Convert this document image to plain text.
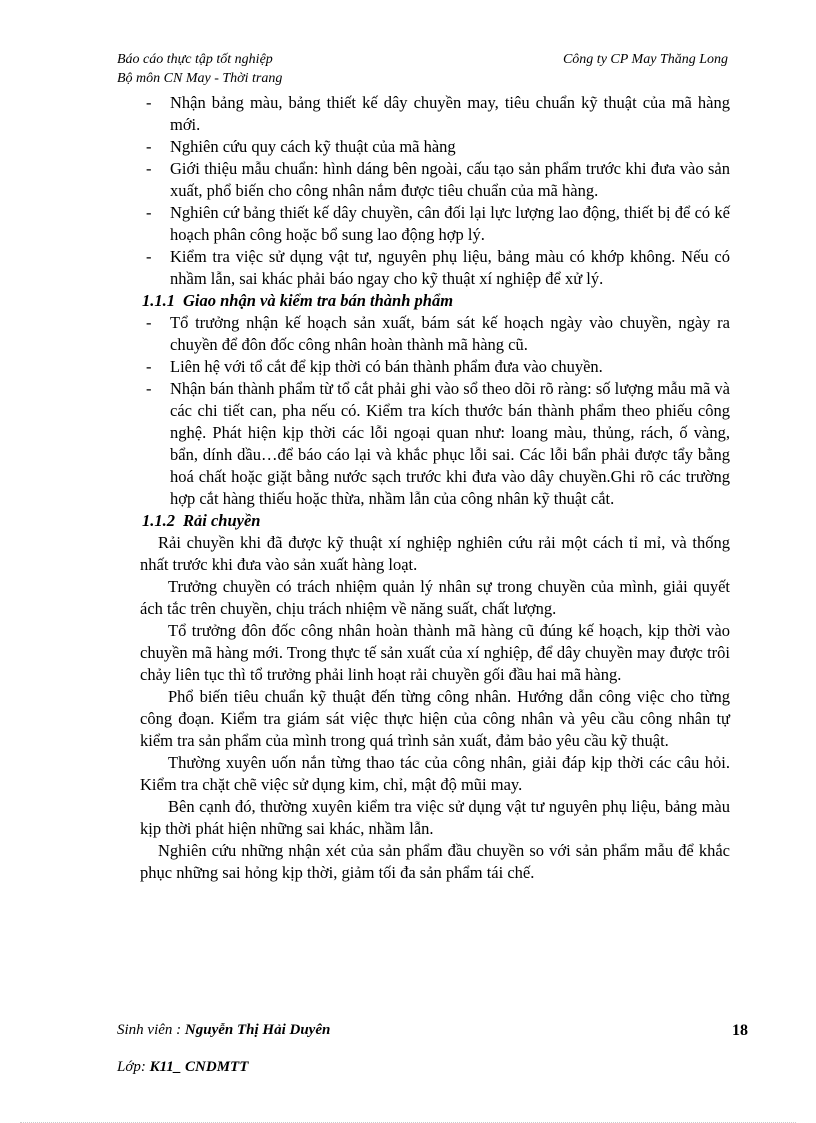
Báo cáo thực tập tốt nghiệp
Bộ môn CN May - Thời trang
Công ty CP May Thăng Long
- Nhận bảng màu, bảng thiết kế dây chuyền may, tiêu chuẩn kỹ thuật của mã hàng mới.
- Nghiên cứu quy cách kỹ thuật của mã hàng
- Giới thiệu mẫu chuẩn: hình dáng bên ngoài, cấu tạo sản phẩm trước khi đưa vào sản xuất, phổ biến cho công nhân nắm được tiêu chuẩn của mã hàng.
- Nghiên cứ bảng thiết kế dây chuyền, cân đối lại lực lượng lao động, thiết bị để có kế hoạch phân công hoặc bổ sung lao động hợp lý.
- Kiểm tra việc sử dụng vật tư, nguyên phụ liệu, bảng màu có khớp không. Nếu có nhầm lẫn, sai khác phải báo ngay cho kỹ thuật xí nghiệp để xử lý.
1.1.1 Giao nhận và kiểm tra bán thành phẩm
- Tổ trưởng nhận kế hoạch sản xuất, bám sát kế hoạch ngày vào chuyền, ngày ra chuyền để đôn đốc công nhân hoàn thành mã hàng cũ.
- Liên hệ với tổ cắt để kịp thời có bán thành phẩm đưa vào chuyền.
- Nhận bán thành phẩm từ tổ cắt phải ghi vào sổ theo dõi rõ ràng: số lượng mẫu mã và các chi tiết can, pha nếu có. Kiểm tra kích thước bán thành phẩm theo phiếu công nghệ. Phát hiện kịp thời các lỗi ngoại quan như: loang màu, thủng, rách, ố vàng, bẩn, dính dầu…để báo cáo lại và khắc phục lỗi sai. Các lỗi bẩn phải được tẩy bằng hoá chất hoặc giặt bằng nước sạch trước khi đưa vào dây chuyền.Ghi rõ các trường hợp cắt hàng thiếu hoặc thừa, nhầm lẫn của công nhân kỹ thuật cắt.
1.1.2 Rải chuyền
Rải chuyền khi đã được kỹ thuật xí nghiệp nghiên cứu rải một cách tỉ mỉ, và thống nhất trước khi đưa vào sản xuất hàng loạt.
Trưởng chuyền có trách nhiệm quản lý nhân sự trong chuyền của mình, giải quyết ách tắc trên chuyền, chịu trách nhiệm về năng suất, chất lượng.
Tổ trưởng đôn đốc công nhân hoàn thành mã hàng cũ đúng kế hoạch, kịp thời vào chuyền mã hàng mới. Trong thực tế sản xuất của xí nghiệp, để dây chuyền may được trôi chảy liên tục thì tổ trưởng phải linh hoạt rải chuyền gối đầu hai mã hàng.
Phổ biến tiêu chuẩn kỹ thuật đến từng công nhân. Hướng dẫn công việc cho từng công đoạn. Kiểm tra giám sát việc thực hiện của công nhân và yêu cầu công nhân tự kiểm tra sản phẩm của mình trong quá trình sản xuất, đảm bảo yêu cầu kỹ thuật.
Thường xuyên uốn nắn từng thao tác của công nhân, giải đáp kịp thời các câu hỏi. Kiểm tra chặt chẽ việc sử dụng kim, chỉ, mật độ mũi may.
Bên cạnh đó, thường xuyên kiểm tra việc sử dụng vật tư nguyên phụ liệu, bảng màu kịp thời phát hiện những sai khác, nhầm lẫn.
Nghiên cứu những nhận xét của sản phẩm đầu chuyền so với sản phẩm mẫu để khắc phục những sai hỏng kịp thời, giảm tối đa sản phẩm tái chế.
Sinh viên : Nguyễn Thị Hải Duyên	18
Lớp: K11_ CNDMTT
